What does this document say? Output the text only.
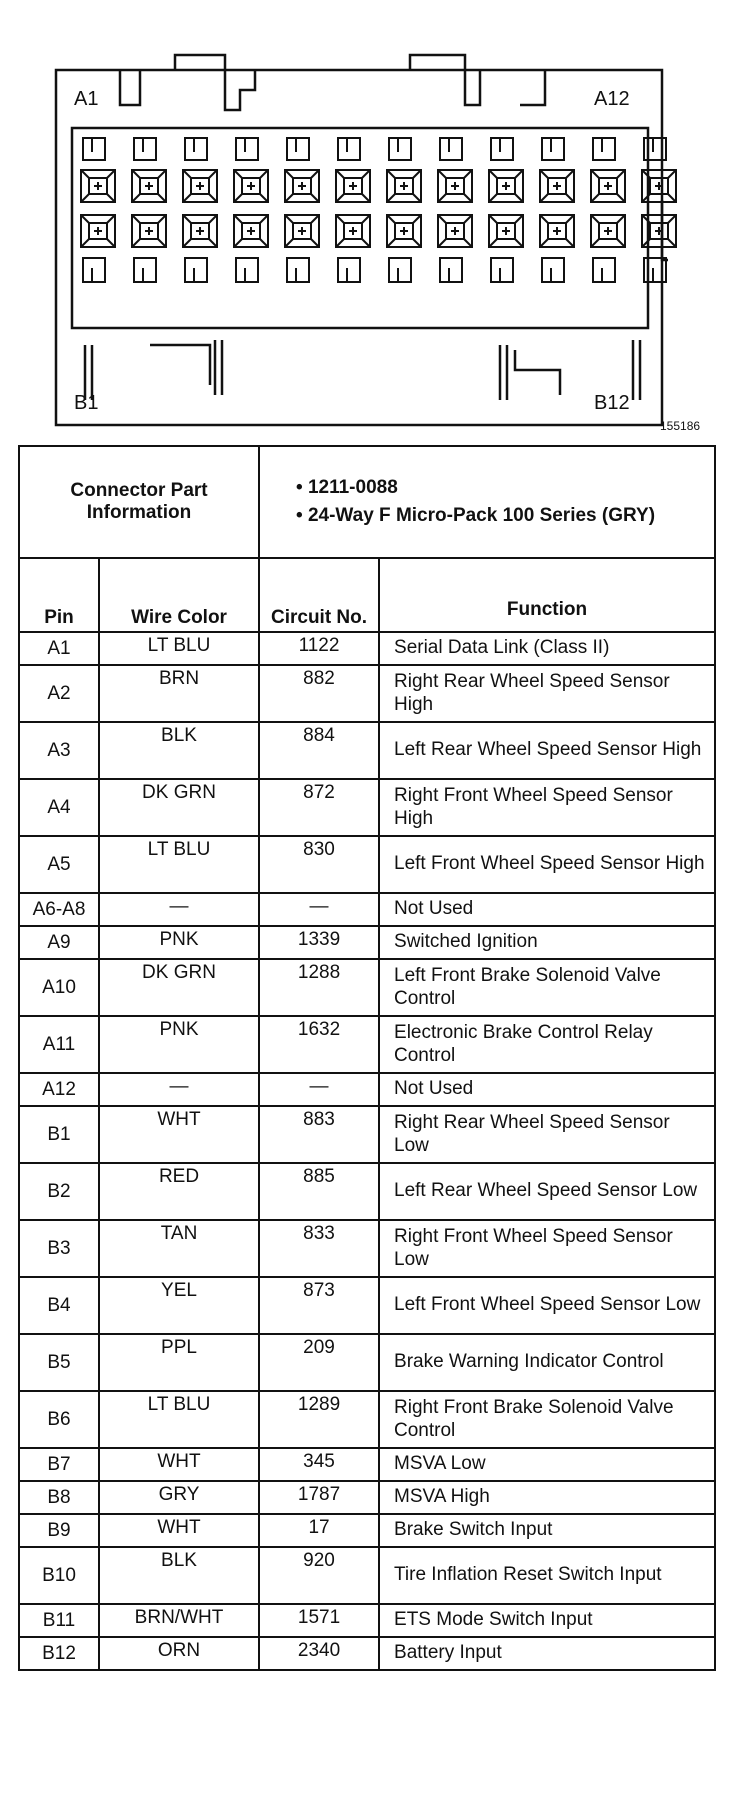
A1	A12
B1	B12
155186
Connector Part Information		• 1211-0088
• 24-Way F Micro-Pack 100 Series (GRY)	

Pin	Wire Color	Circuit No.	Function
A1	LT BLU	1122	Serial Data Link (Class II)
A2	BRN	882	Right Rear Wheel Speed Sensor High
A3	BLK	884	Left Rear Wheel Speed Sensor High
A4	DK GRN	872	Right Front Wheel Speed Sensor High
A5	LT BLU	830	Left Front Wheel Speed Sensor High
A6-A8	—	—	Not Used
A9	PNK	1339	Switched Ignition
A10	DK GRN	1288	Left Front Brake Solenoid Valve Control
A11	PNK	1632	Electronic Brake Control Relay Control
A12	—	—	Not Used
B1	WHT	883	Right Rear Wheel Speed Sensor Low
B2	RED	885	Left Rear Wheel Speed Sensor Low
B3	TAN	833	Right Front Wheel Speed Sensor Low
B4	YEL	873	Left Front Wheel Speed Sensor Low
B5	PPL	209	Brake Warning Indicator Control
B6	LT BLU	1289	Right Front Brake Solenoid Valve Control
B7	WHT	345	MSVA Low
B8	GRY	1787	MSVA High
B9	WHT	17	Brake Switch Input
B10	BLK	920	Tire Inflation Reset Switch Input
B11	BRN/WHT	1571	ETS Mode Switch Input
B12	ORN	2340	Battery Input
